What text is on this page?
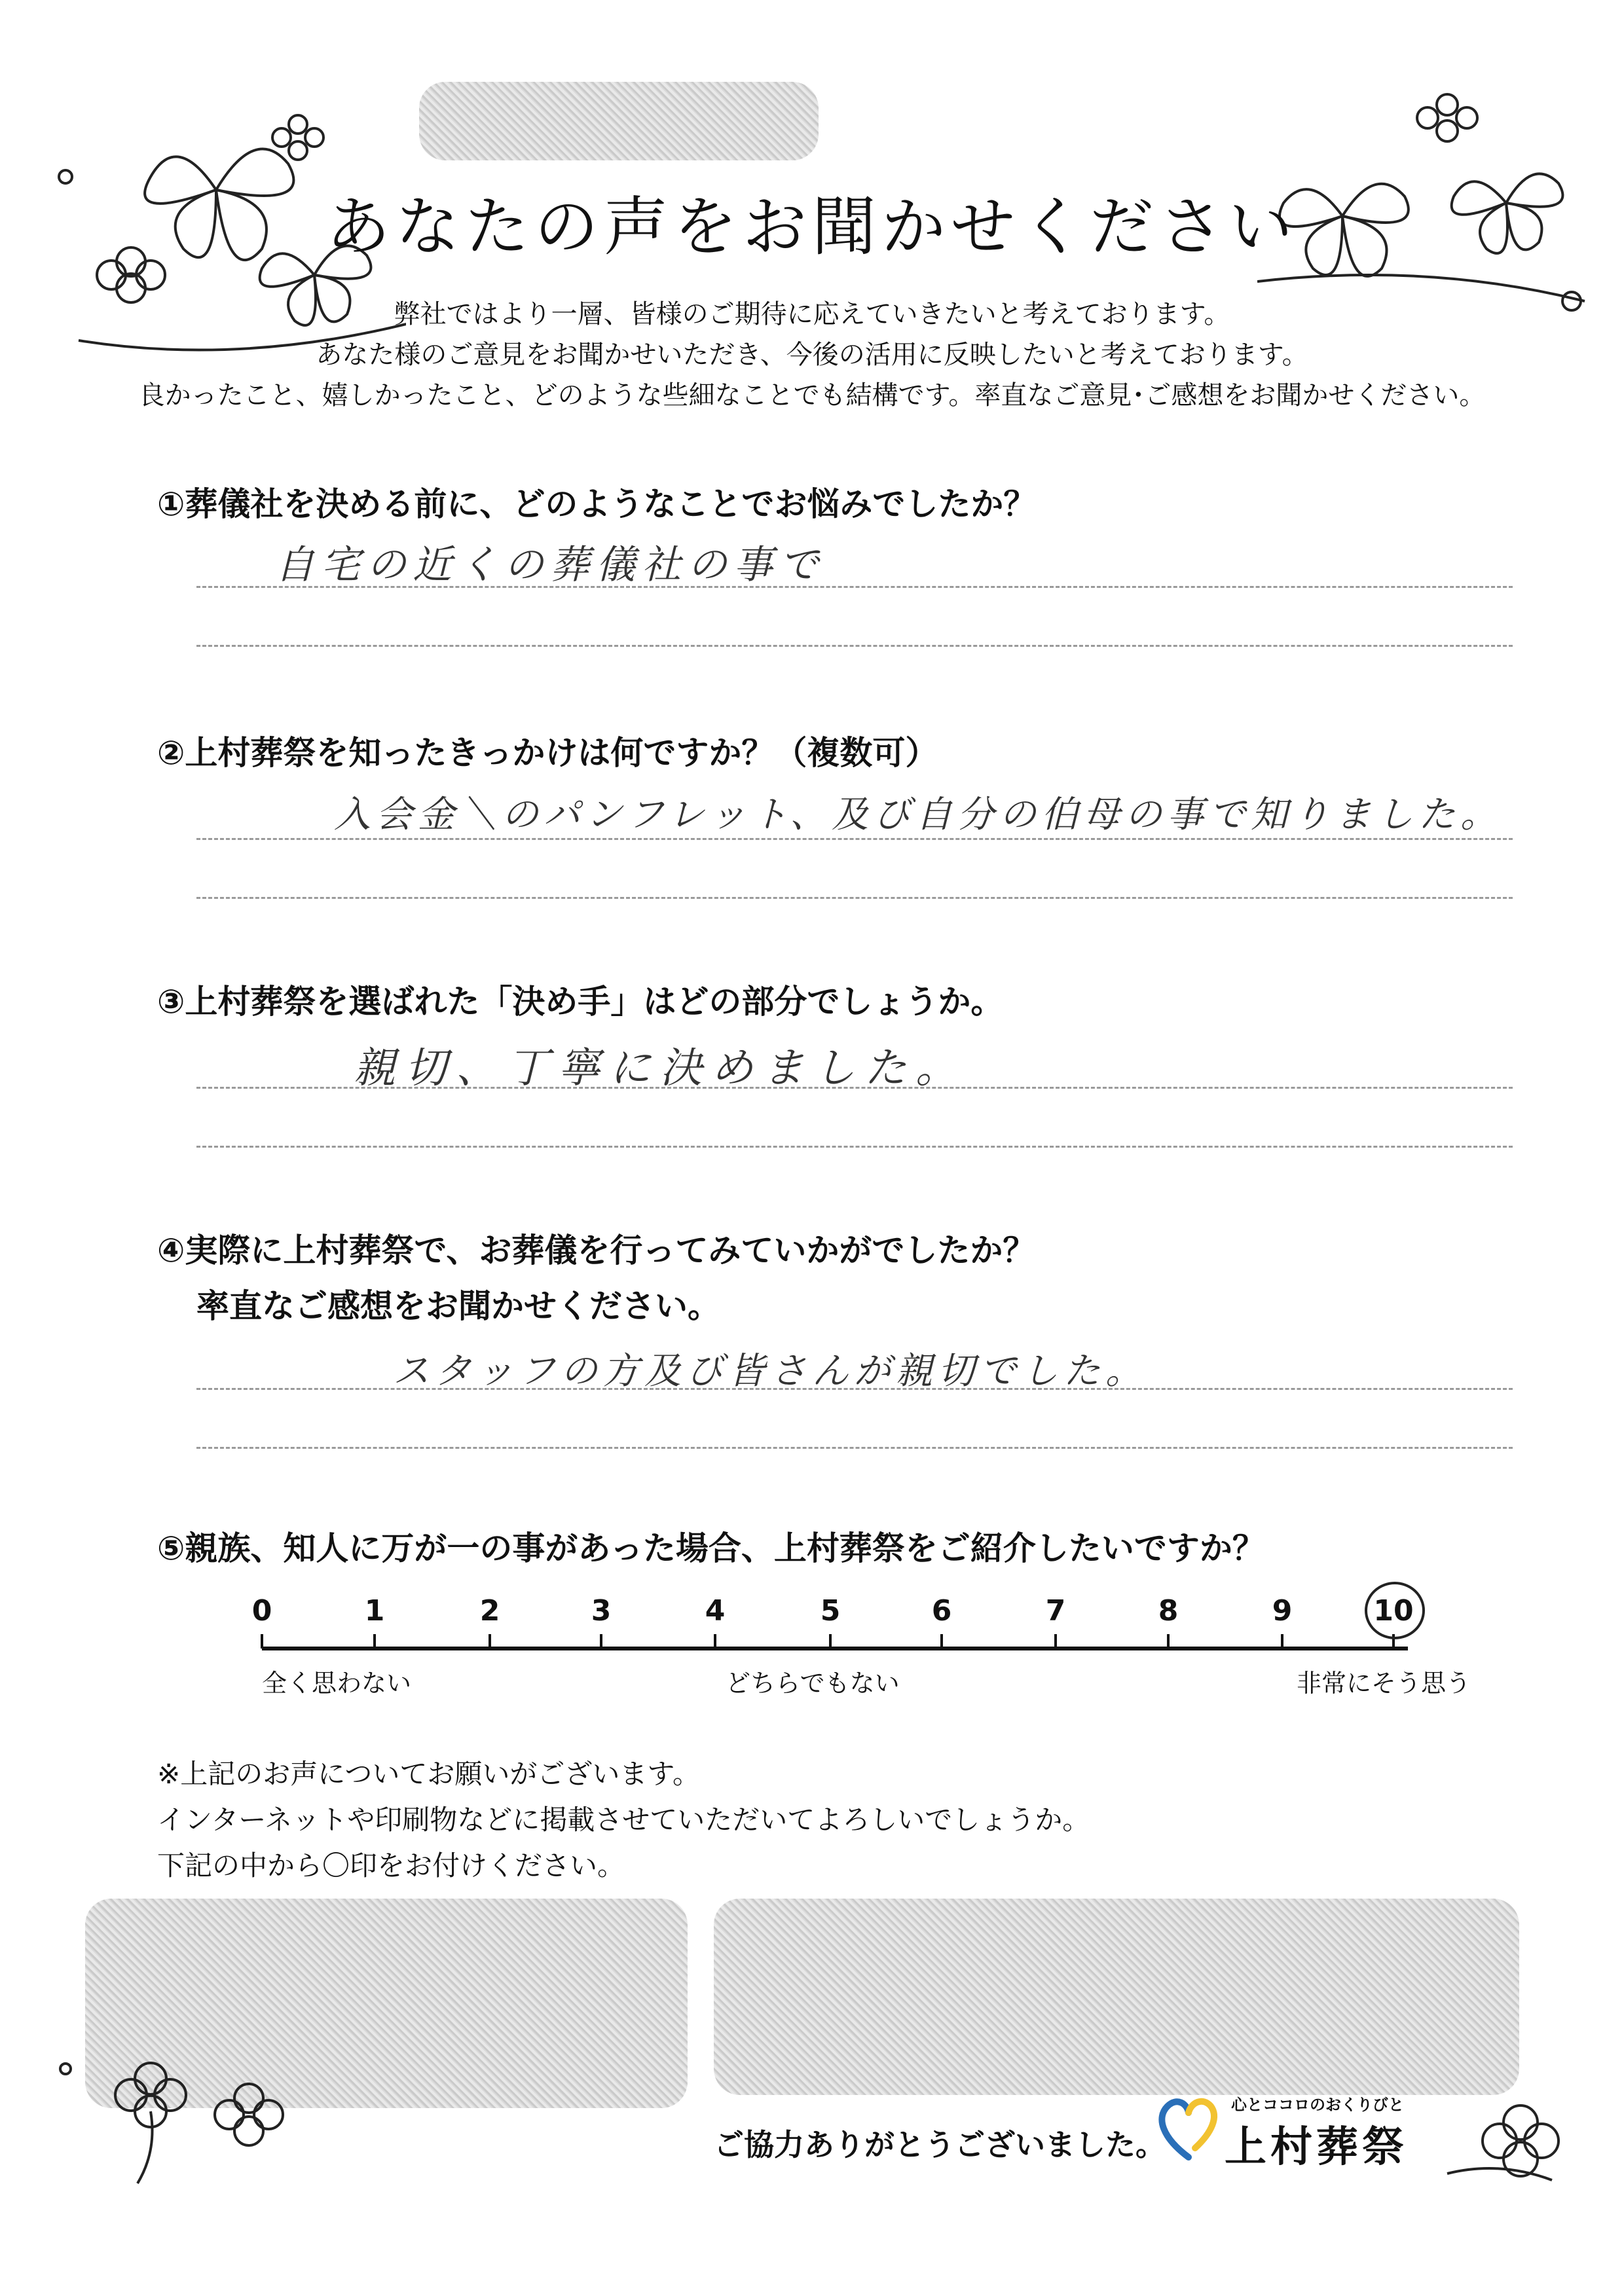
あなたの声をお聞かせください
弊社ではより一層、皆様のご期待に応えていきたいと考えております。
あなた様のご意見をお聞かせいただき、今後の活用に反映したいと考えております。
良かったこと、嬉しかったこと、どのような些細なことでも結構です。率直なご意見･ご感想をお聞かせください。
①葬儀社を決める前に、どのようなことでお悩みでしたか？
自宅の近くの葬儀社の事で
②上村葬祭を知ったきっかけは何ですか？（複数可）
入会金＼のパンフレット、及び自分の伯母の事で知りました。
③上村葬祭を選ばれた「決め手」はどの部分でしょうか。
親切、丁寧に決めました。
④実際に上村葬祭で、お葬儀を行ってみていかがでしたか？
率直なご感想をお聞かせください。
スタッフの方及び皆さんが親切でした。
⑤親族、知人に万が一の事があった場合、上村葬祭をご紹介したいですか？
0	1	2	3	4	5	6	7	8	9	10
全く思わない	どちらでもない	非常にそう思う
※上記のお声についてお願いがございます。
インターネットや印刷物などに掲載させていただいてよろしいでしょうか。
下記の中から〇印をお付けください。
ご協力ありがとうございました。
心とココロのおくりびと
上村葬祭
